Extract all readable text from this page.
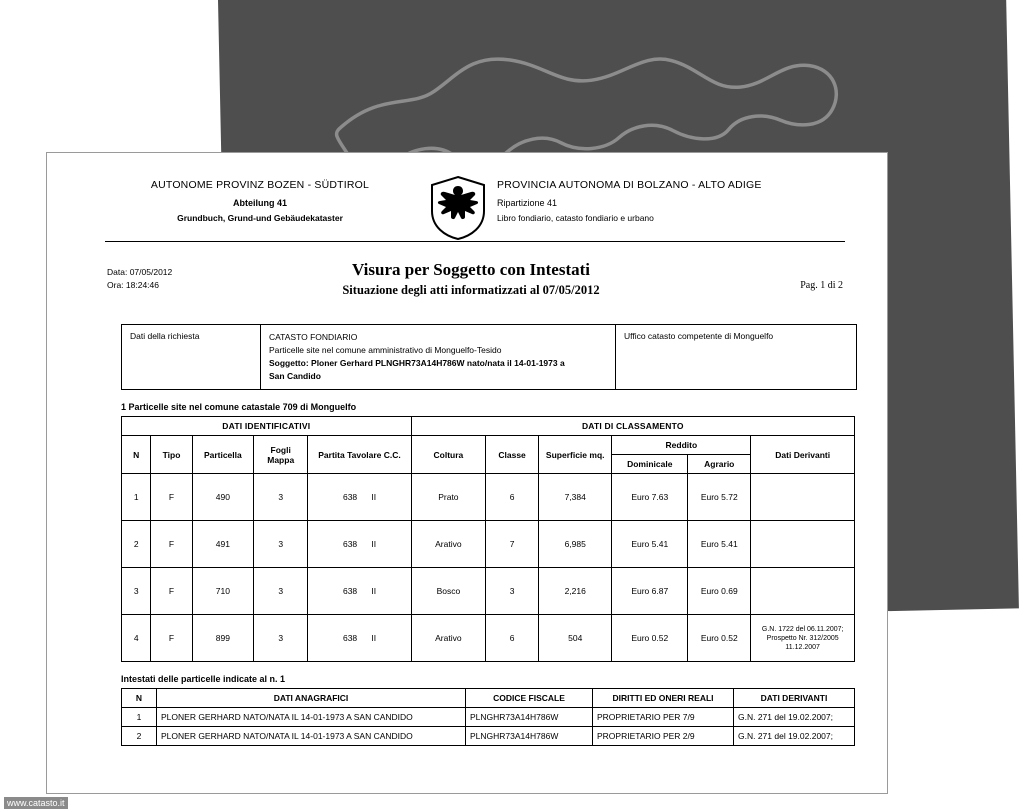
AUTONOME PROVINZ BOZEN - SÜDTIROL
Abteilung 41
Grundbuch, Grund-und Gebäudekataster
PROVINCIA AUTONOMA DI BOLZANO - ALTO ADIGE
Ripartizione 41
Libro fondiario, catasto fondiario e urbano
Data: 07/05/2012
Ora: 18:24:46
Visura per Soggetto con Intestati
Situazione degli atti informatizzati al 07/05/2012	Pag. 1 di 2
Dati della richiesta	CATASTO FONDIARIO
Particelle site nel comune amministrativo di Monguelfo-Tesido
Soggetto: Ploner Gerhard PLNGHR73A14H786W nato/nata il 14-01-1973 a
San Candido
Uffico catasto competente di Monguelfo
1 Particelle site nel comune catastale 709 di Monguelfo
DATI IDENTIFICATIVI					DATI DI CLASSAMENTO					
N	Tipo	Particella	Fogli Mappa	Partita Tavolare C.C.	Coltura	Classe	Superficie mq.	Reddito		Dati Derivanti
								Dominicale	Agrario	
1	F	490	3	638 II	Prato	6	7,384	Euro 7.63	Euro 5.72	
2	F	491	3	638 II	Arativo	7	6,985	Euro 5.41	Euro 5.41	
3	F	710	3	638 II	Bosco	3	2,216	Euro 6.87	Euro 0.69	
4	F	899	3	638 II	Arativo	6	504	Euro 0.52	Euro 0.52	G.N. 1722 del 06.11.2007; Prospetto Nr. 312/2005 11.12.2007
Intestati delle particelle indicate al n. 1
N	DATI ANAGRAFICI	CODICE FISCALE	DIRITTI ED ONERI REALI	DATI DERIVANTI
1	PLONER GERHARD NATO/NATA IL 14-01-1973 A SAN CANDIDO	PLNGHR73A14H786W	PROPRIETARIO PER 7/9	G.N. 271 del 19.02.2007;
2	PLONER GERHARD NATO/NATA IL 14-01-1973 A SAN CANDIDO	PLNGHR73A14H786W	PROPRIETARIO PER 2/9	G.N. 271 del 19.02.2007;
www.catasto.it
